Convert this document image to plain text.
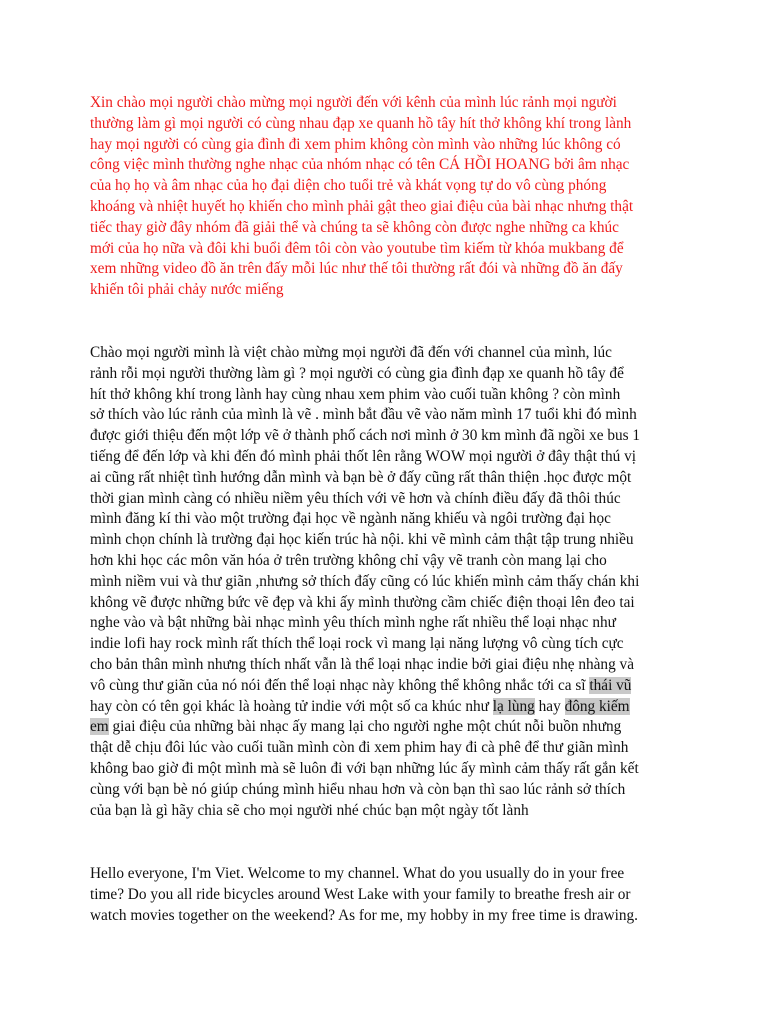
Xin chào mọi người chào mừng mọi người đến với kênh của mình lúc rảnh mọi người
thường làm gì mọi người có cùng nhau đạp xe quanh hồ tây hít thở không khí trong lành
hay mọi người có cùng gia đình đi xem phim không còn mình vào những lúc không có
công việc mình thường nghe nhạc của nhóm nhạc có tên CÁ HỒI HOANG bởi âm nhạc
của họ họ và âm nhạc của họ đại diện cho tuổi trẻ và khát vọng tự do vô cùng phóng
khoáng và nhiệt huyết họ khiến cho mình phải gật theo giai điệu của bài nhạc nhưng thật
tiếc thay giờ đây nhóm đã giải thể và chúng ta sẽ không còn được nghe những ca khúc
mới của họ nữa và đôi khi buổi đêm tôi còn vào youtube tìm kiếm từ khóa mukbang để
xem những video đồ ăn trên đấy mỗi lúc như thế tôi thường rất đói và những đồ ăn đấy
khiến tôi phải chảy nước miếng

Chào mọi người mình là việt chào mừng mọi người đã đến với channel của mình, lúc
rảnh rỗi mọi người thường làm gì ? mọi người có cùng gia đình đạp xe quanh hồ tây để
hít thở không khí trong lành hay cùng nhau xem phim vào cuối tuần không ? còn mình
sở thích vào lúc rảnh của mình là vẽ . mình bắt đầu vẽ vào năm mình 17 tuổi khi đó mình
được giới thiệu đến một lớp vẽ ở thành phố cách nơi mình ở 30 km mình đã ngồi xe bus 1
tiếng để đến lớp và khi đến đó mình phải thốt lên rằng WOW mọi người ở đây thật thú vị
ai cũng rất nhiệt tình hướng dẫn mình và bạn bè ở đấy cũng rất thân thiện .học được một
thời gian mình càng có nhiều niềm yêu thích với vẽ hơn và chính điều đấy đã thôi thúc
mình đăng kí thi vào một trường đại học về ngành năng khiếu và ngôi trường đại học
mình chọn chính là trường đại học kiến trúc hà nội. khi vẽ mình cảm thật tập trung nhiều
hơn khi học các môn văn hóa ở trên trường không chỉ vậy vẽ tranh còn mang lại cho
mình niềm vui và thư giãn ,nhưng sở thích đấy cũng có lúc khiến mình cảm thấy chán khi
không vẽ được những bức vẽ đẹp và khi ấy mình thường cầm chiếc điện thoại lên đeo tai
nghe vào và bật những bài nhạc mình yêu thích mình nghe rất nhiều thể loại nhạc như
indie lofi hay rock mình rất thích thể loại rock vì mang lại năng lượng vô cùng tích cực
cho bản thân mình nhưng thích nhất vẫn là thể loại nhạc indie bởi giai điệu nhẹ nhàng và
vô cùng thư giãn của nó nói đến thể loại nhạc này không thể không nhắc tới ca sĩ thái vũ
hay còn có tên gọi khác là hoàng tử indie với một số ca khúc như lạ lùng hay đông kiếm
em giai điệu của những bài nhạc ấy mang lại cho người nghe một chút nỗi buồn nhưng
thật dễ chịu đôi lúc vào cuối tuần mình còn đi xem phim hay đi cà phê để thư giãn mình
không bao giờ đi một mình mà sẽ luôn đi với bạn những lúc ấy mình cảm thấy rất gắn kết
cùng với bạn bè nó giúp chúng mình hiểu nhau hơn và còn bạn thì sao lúc rảnh sở thích
của bạn là gì hãy chia sẽ cho mọi người nhé chúc bạn một ngày tốt lành

Hello everyone, I'm Viet. Welcome to my channel. What do you usually do in your free
time? Do you all ride bicycles around West Lake with your family to breathe fresh air or
watch movies together on the weekend? As for me, my hobby in my free time is drawing.
